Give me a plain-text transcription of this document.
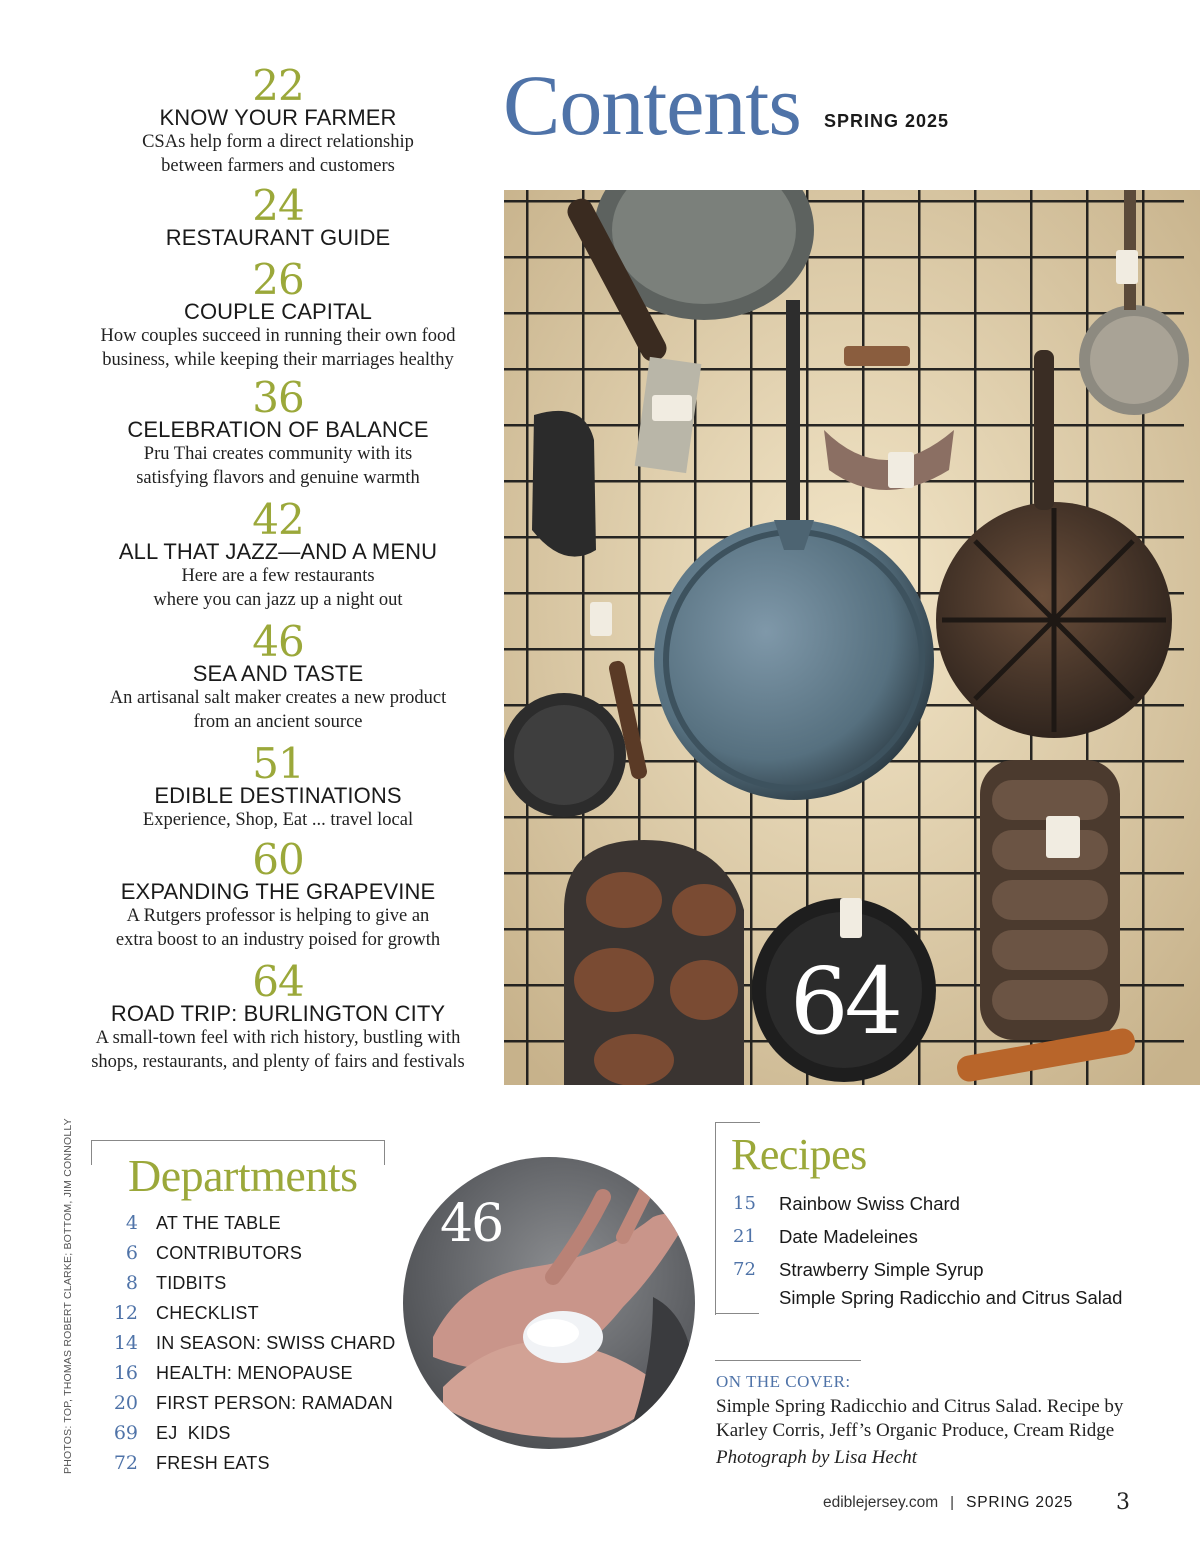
22
KNOW YOUR FARMER
CSAs help form a direct relationship
between farmers and customers
24
RESTAURANT GUIDE
26
COUPLE CAPITAL
How couples succeed in running their own food
business, while keeping their marriages healthy
36
CELEBRATION OF BALANCE
Pru Thai creates community with its
satisfying flavors and genuine warmth
42
ALL THAT JAZZ—AND A MENU
Here are a few restaurants
where you can jazz up a night out
46
SEA AND TASTE
An artisanal salt maker creates a new product
from an ancient source
51
EDIBLE DESTINATIONS
Experience, Shop, Eat ... travel local
60
EXPANDING THE GRAPEVINE
A Rutgers professor is helping to give an
extra boost to an industry poised for growth
64
ROAD TRIP: BURLINGTON CITY
A small-town feel with rich history, bustling with
shops, restaurants, and plenty of fairs and festivals
Contents SPRING 2025
64
PHOTOS: TOP, THOMAS ROBERT CLARKE; BOTTOM, JIM CONNOLLY Departments
4 AT THE TABLE
6 CONTRIBUTORS
8 TIDBITS
12 CHECKLIST
14 IN SEASON: SWISS CHARD
16 HEALTH: MENOPAUSE
20 FIRST PERSON: RAMADAN
69 EJ  KIDS
72 FRESH EATS
46
Recipes
15 Rainbow Swiss Chard
21 Date Madeleines
72 Strawberry Simple Syrup
Simple Spring Radicchio and Citrus Salad
ON THE COVER:
Simple Spring Radicchio and Citrus Salad. Recipe by Karley Corris, Jeff’s Organic Produce, Cream Ridge
Photograph by Lisa Hecht
ediblejersey.com | SPRING 2025 3
